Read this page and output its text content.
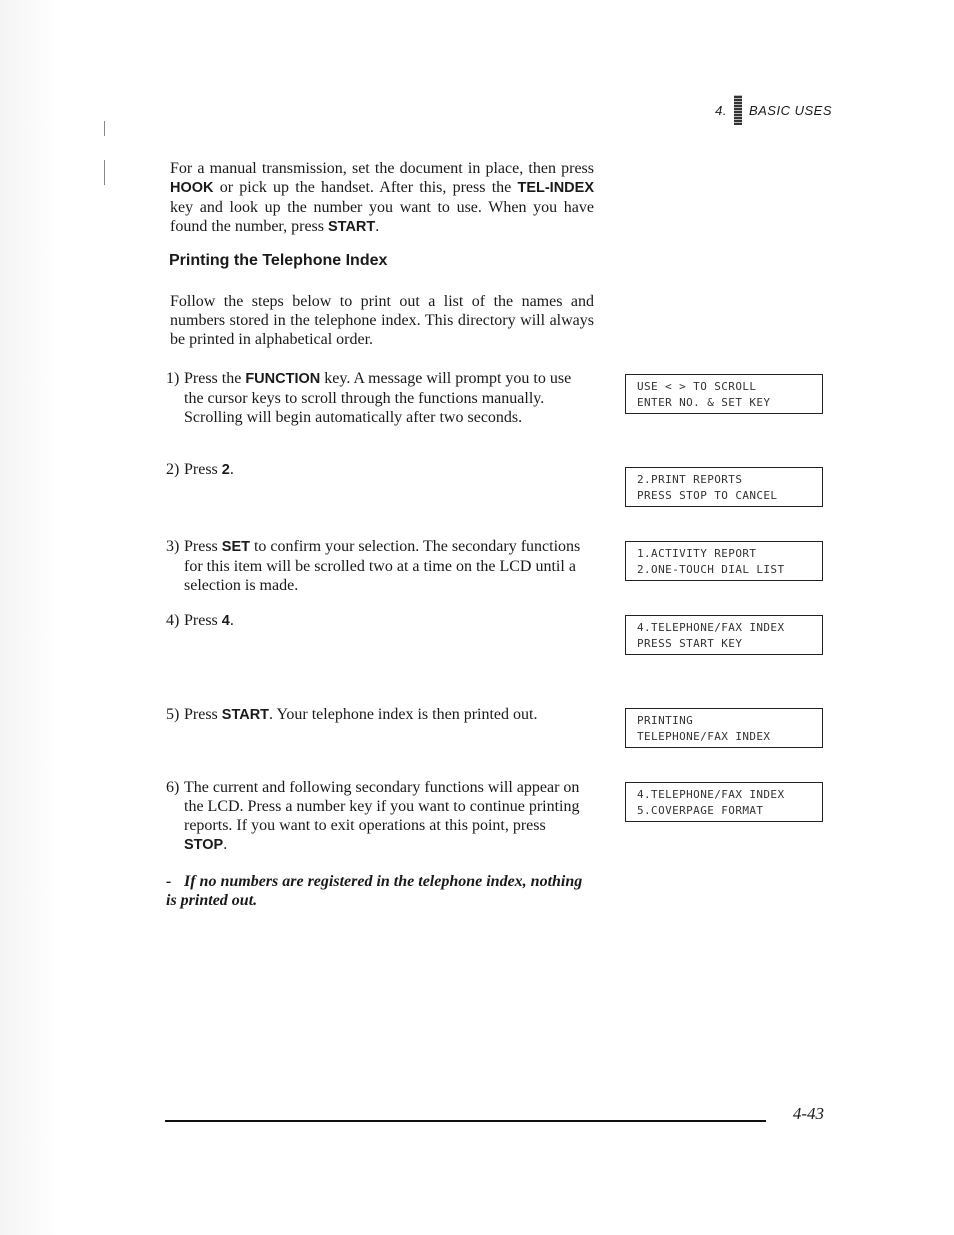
4. BASIC USES
For a manual transmission, set the document in place, then press HOOK or pick up the handset. After this, press the TEL-INDEX key and look up the number you want to use. When you have found the number, press START.
Printing the Telephone Index
Follow the steps below to print out a list of the names and numbers stored in the telephone index. This directory will always be printed in alphabetical order.
1) Press the FUNCTION key. A message will prompt you to use the cursor keys to scroll through the functions manually. Scrolling will begin automatically after two seconds.
2) Press 2.
3) Press SET to confirm your selection. The secondary functions for this item will be scrolled two at a time on the LCD until a selection is made.
4) Press 4.
5) Press START. Your telephone index is then printed out.
6) The current and following secondary functions will appear on the LCD. Press a number key if you want to continue printing reports. If you want to exit operations at this point, press STOP.
USE < > TO SCROLL
ENTER NO. & SET KEY
2.PRINT REPORTS
PRESS STOP TO CANCEL
1.ACTIVITY REPORT
2.ONE-TOUCH DIAL LIST
4.TELEPHONE/FAX INDEX
PRESS START KEY
PRINTING
TELEPHONE/FAX INDEX
4.TELEPHONE/FAX INDEX
5.COVERPAGE FORMAT
- If no numbers are registered in the telephone index, nothing is printed out.
4-43
